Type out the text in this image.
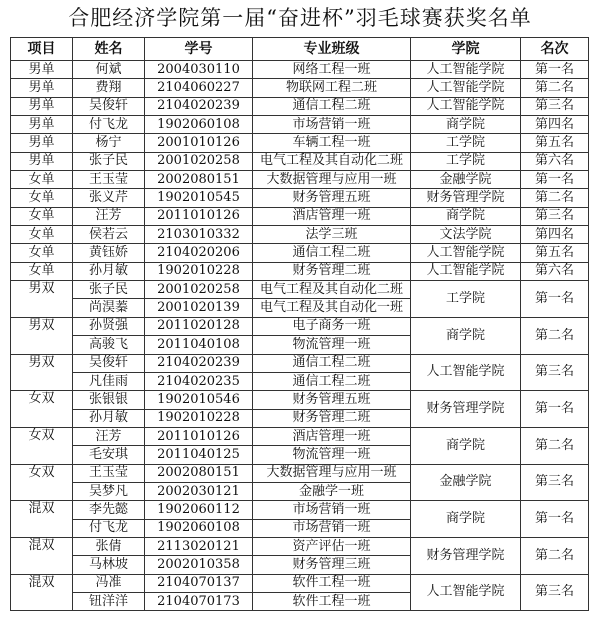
合肥经济学院第一届“奋进杯”羽毛球赛获奖名单
项目	姓名	学号	专业班级	学院	名次
男单	何斌	2004030110	网络工程一班	人工智能学院	第一名
男单	费翔	2104060227	物联网工程二班	人工智能学院	第二名
男单	吴俊轩	2104020239	通信工程二班	人工智能学院	第三名
男单	付飞龙	1902060108	市场营销一班	商学院	第四名
男单	杨宁	2001010126	车辆工程一班	工学院	第五名
男单	张子民	2001020258	电气工程及其自动化二班	工学院	第六名
女单	王玉莹	2002080151	大数据管理与应用一班	金融学院	第一名
女单	张义芹	1902010545	财务管理五班	财务管理学院	第二名
女单	汪芳	2011010126	酒店管理一班	商学院	第三名
女单	侯若云	2103010332	法学三班	文法学院	第四名
女单	黄钰娇	2104020206	通信工程二班	人工智能学院	第五名
女单	孙月敏	1902010228	财务管理二班	人工智能学院	第六名
男双	张子民	2001020258	电气工程及其自动化二班	工学院	第一名
	尚淏蓁	2001020139	电气工程及其自动化一班		
男双	孙贤强	2011020128	电子商务一班	商学院	第二名
	高骏飞	2011040108	物流管理一班		
男双	吴俊轩	2104020239	通信工程二班	人工智能学院	第三名
	凡佳雨	2104020235	通信工程二班		
女双	张银银	1902010546	财务管理五班	财务管理学院	第一名
	孙月敏	1902010228	财务管理二班		
女双	汪芳	2011010126	酒店管理一班	商学院	第二名
	毛安琪	2011040125	物流管理一班		
女双	王玉莹	2002080151	大数据管理与应用一班	金融学院	第三名
	吴梦凡	2002030121	金融学一班		
混双	李先懿	1902060112	市场营销一班	商学院	第一名
	付飞龙	1902060108	市场营销一班		
混双	张倩	2113020121	资产评估一班	财务管理学院	第二名
	马林坡	2002010358	财务管理三班		
混双	冯准	2104070137	软件工程一班	人工智能学院	第三名
	钮洋洋	2104070173	软件工程一班		
